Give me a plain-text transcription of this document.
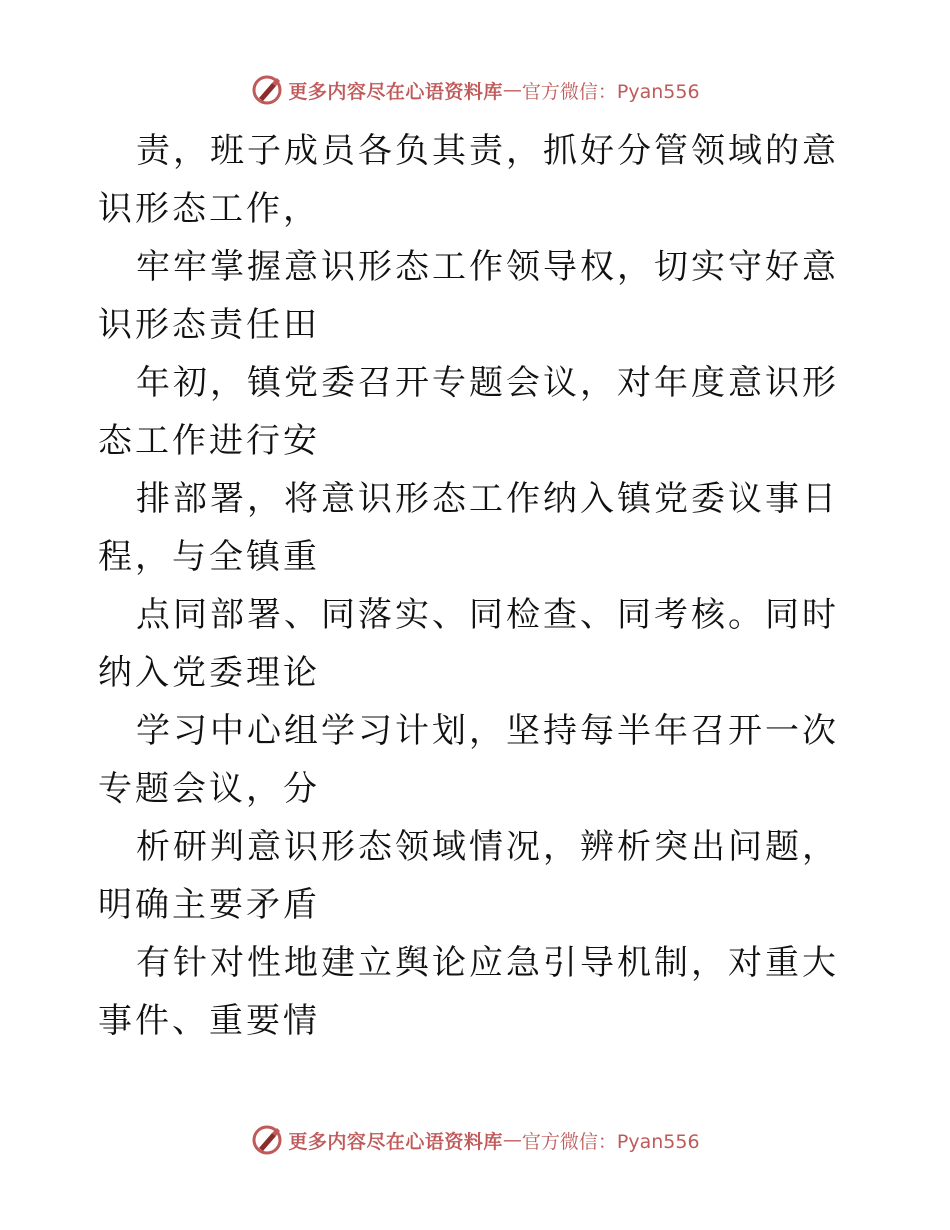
更多内容尽在心语资料库 — 官方微信：Pyan556

责，班子成员各负其责，抓好分管领域的意识形态工作，

牢牢掌握意识形态工作领导权，切实守好意识形态责任田

年初，镇党委召开专题会议，对年度意识形态工作进行安

排部署，将意识形态工作纳入镇党委议事日程，与全镇重

点同部署、同落实、同检查、同考核。同时纳入党委理论

学习中心组学习计划，坚持每半年召开一次专题会议，分

析研判意识形态领域情况，辨析突出问题，明确主要矛盾

有针对性地建立舆论应急引导机制，对重大事件、重要情

更多内容尽在心语资料库 — 官方微信：Pyan556
